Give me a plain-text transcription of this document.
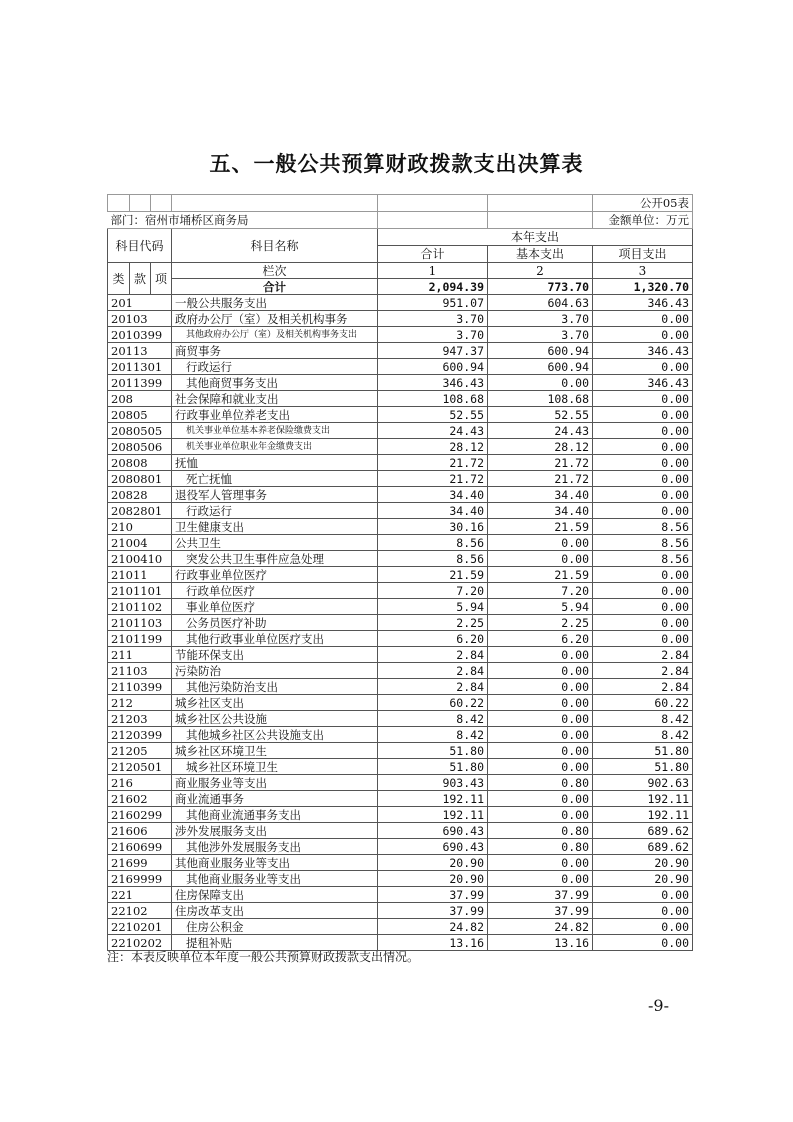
五、一般公共预算财政拨款支出决算表
						公开05表
部门：宿州市埇桥区商务局						金额单位：万元
科目代码			科目名称	本年支出		
				合计	基本支出	项目支出
类	款	项	栏次	1	2	3
			合计	2,094.39	773.70	1,320.70
201			一般公共服务支出	951.07	604.63	346.43
20103			政府办公厅（室）及相关机构事务	3.70	3.70	0.00
2010399			其他政府办公厅（室）及相关机构事务支出	3.70	3.70	0.00
20113			商贸事务	947.37	600.94	346.43
2011301			行政运行	600.94	600.94	0.00
2011399			其他商贸事务支出	346.43	0.00	346.43
208			社会保障和就业支出	108.68	108.68	0.00
20805			行政事业单位养老支出	52.55	52.55	0.00
2080505			机关事业单位基本养老保险缴费支出	24.43	24.43	0.00
2080506			机关事业单位职业年金缴费支出	28.12	28.12	0.00
20808			抚恤	21.72	21.72	0.00
2080801			死亡抚恤	21.72	21.72	0.00
20828			退役军人管理事务	34.40	34.40	0.00
2082801			行政运行	34.40	34.40	0.00
210			卫生健康支出	30.16	21.59	8.56
21004			公共卫生	8.56	0.00	8.56
2100410			突发公共卫生事件应急处理	8.56	0.00	8.56
21011			行政事业单位医疗	21.59	21.59	0.00
2101101			行政单位医疗	7.20	7.20	0.00
2101102			事业单位医疗	5.94	5.94	0.00
2101103			公务员医疗补助	2.25	2.25	0.00
2101199			其他行政事业单位医疗支出	6.20	6.20	0.00
211			节能环保支出	2.84	0.00	2.84
21103			污染防治	2.84	0.00	2.84
2110399			其他污染防治支出	2.84	0.00	2.84
212			城乡社区支出	60.22	0.00	60.22
21203			城乡社区公共设施	8.42	0.00	8.42
2120399			其他城乡社区公共设施支出	8.42	0.00	8.42
21205			城乡社区环境卫生	51.80	0.00	51.80
2120501			城乡社区环境卫生	51.80	0.00	51.80
216			商业服务业等支出	903.43	0.80	902.63
21602			商业流通事务	192.11	0.00	192.11
2160299			其他商业流通事务支出	192.11	0.00	192.11
21606			涉外发展服务支出	690.43	0.80	689.62
2160699			其他涉外发展服务支出	690.43	0.80	689.62
21699			其他商业服务业等支出	20.90	0.00	20.90
2169999			其他商业服务业等支出	20.90	0.00	20.90
221			住房保障支出	37.99	37.99	0.00
22102			住房改革支出	37.99	37.99	0.00
2210201			住房公积金	24.82	24.82	0.00
2210202			提租补贴	13.16	13.16	0.00
注：本表反映单位本年度一般公共预算财政拨款支出情况。
-9-
